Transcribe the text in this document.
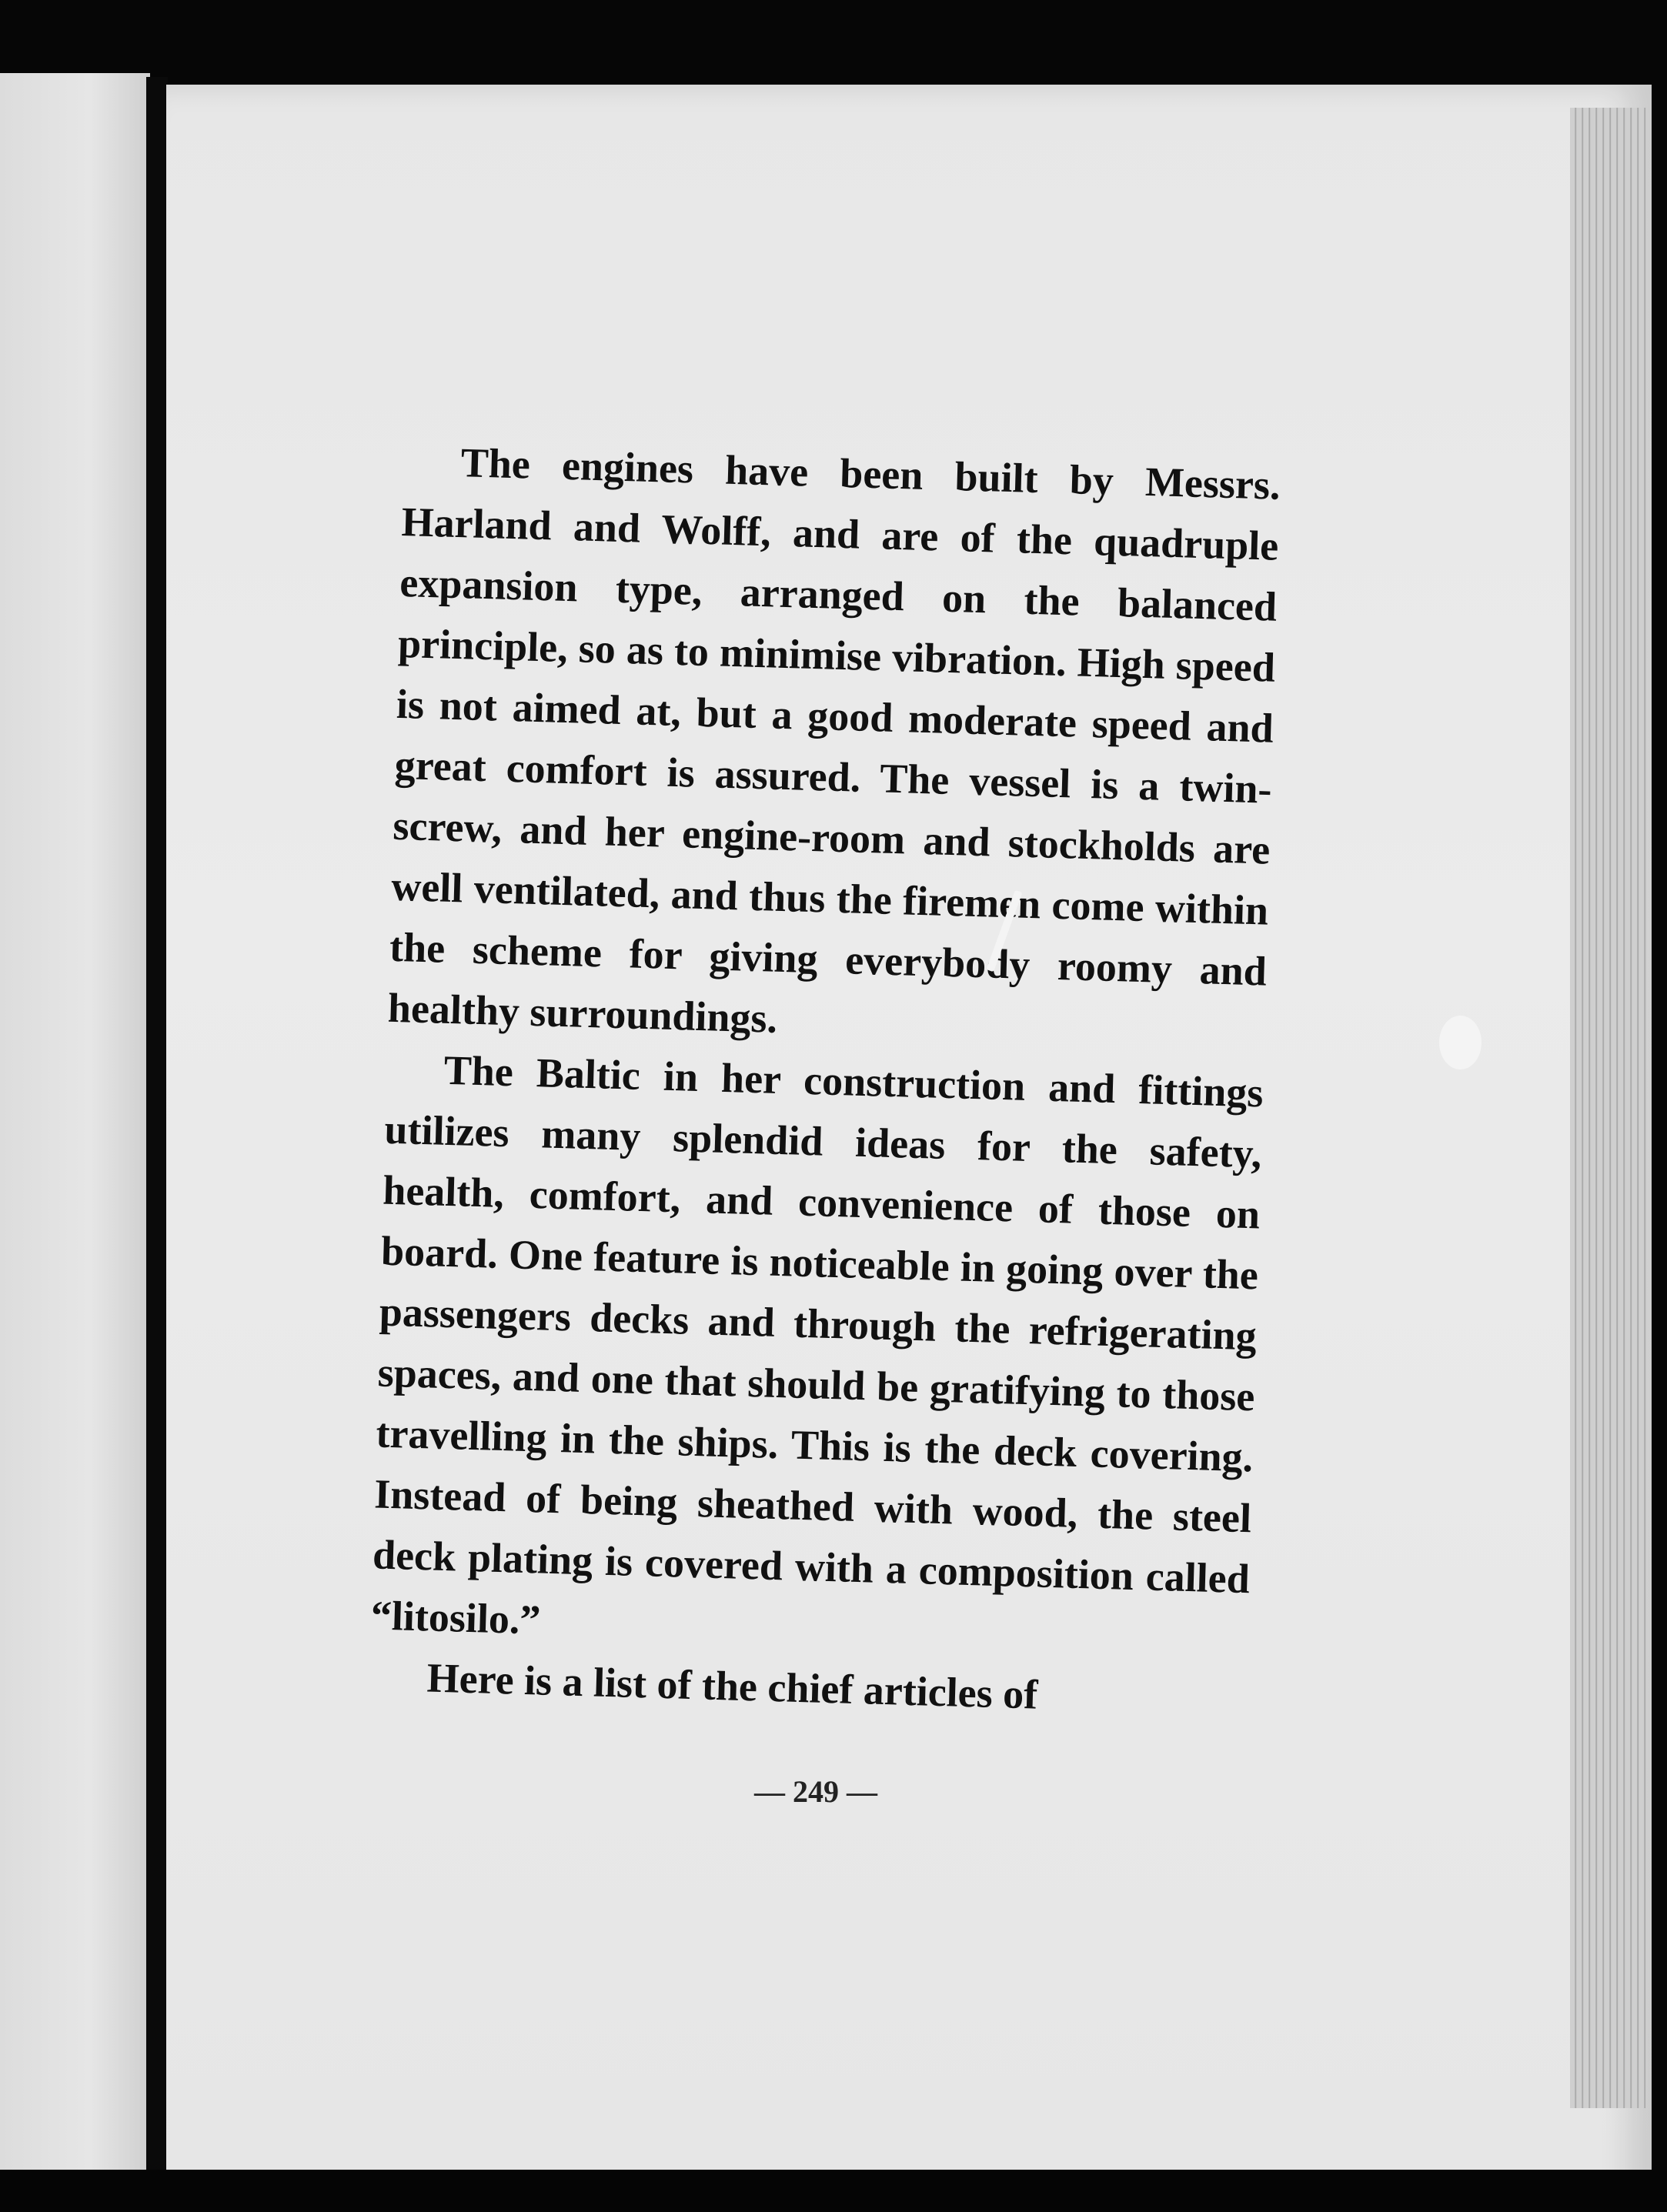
The engines have been built by Messrs. Harland and Wolff, and are of the quadruple expansion type, arranged on the balanced principle, so as to minimise vibration. High speed is not aimed at, but a good moderate speed and great comfort is assured. The vessel is a twin-screw, and her engine-room and stockholds are well ventilated, and thus the firemen come within the scheme for giving everybody roomy and healthy surroundings.

The Baltic in her construction and fittings utilizes many splendid ideas for the safety, health, comfort, and convenience of those on board. One feature is noticeable in going over the passengers decks and through the refrigerating spaces, and one that should be gratifying to those travelling in the ships. This is the deck covering. Instead of being sheathed with wood, the steel deck plating is covered with a composition called “litosilo.”

Here is a list of the chief articles of

— 249 —
